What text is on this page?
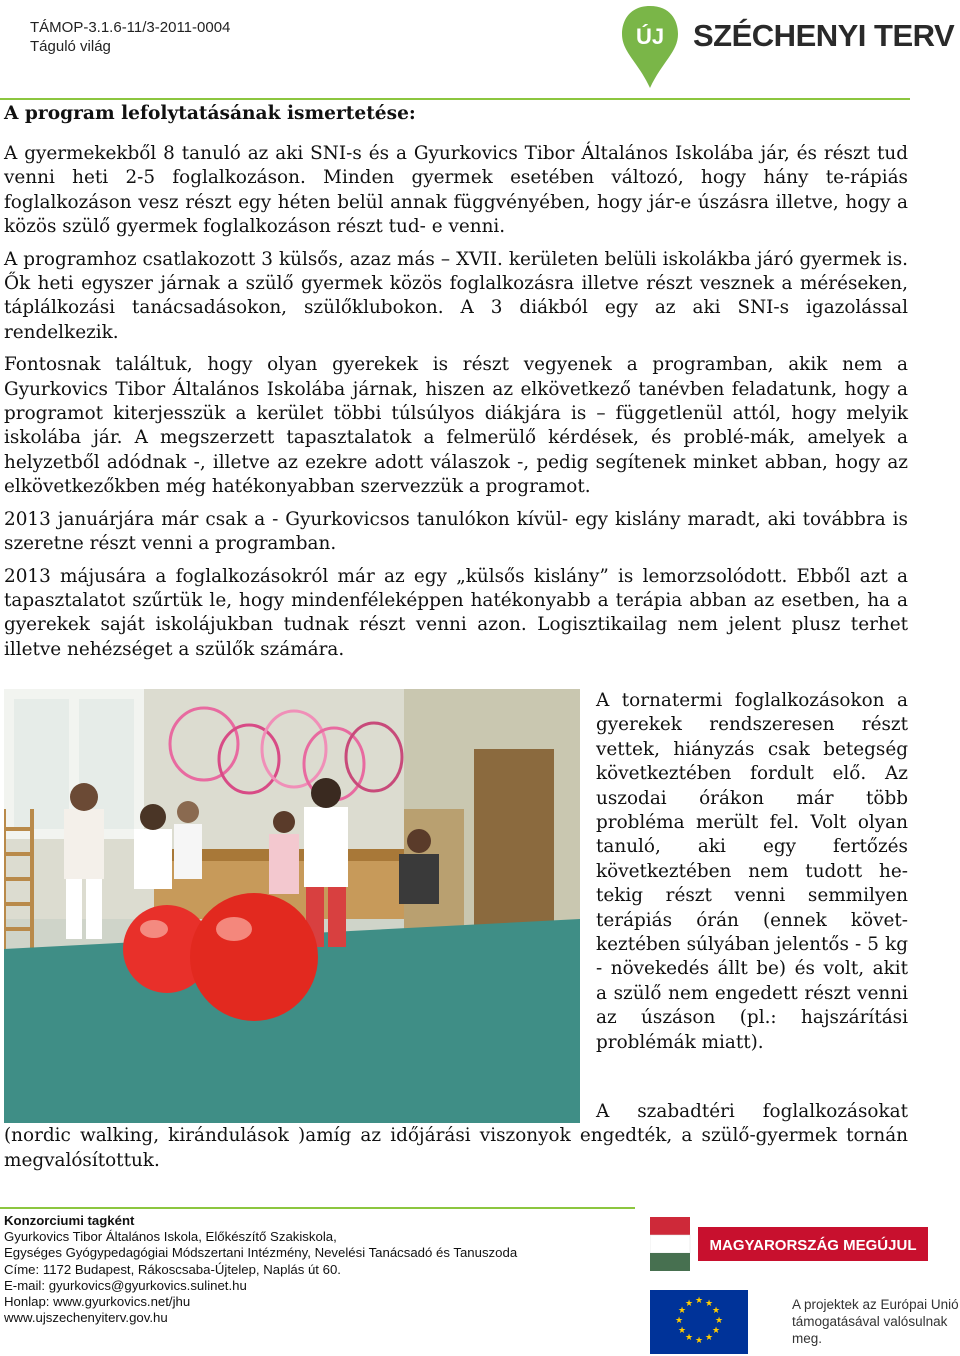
TÁMOP-3.1.6-11/3-2011-0004
Táguló világ	ÚJ SZÉCHENYI TERV
A program lefolytatásának ismertetése:

A gyermekekből 8 tanuló az aki SNI-s és a Gyurkovics Tibor Általános Iskolába jár, és részt tud venni heti 2-5 foglalkozáson. Minden gyermek esetében változó, hogy hány te-rápiás foglalkozáson vesz részt egy héten belül annak függvényében, hogy jár-e úszásra illetve, hogy a közös szülő gyermek foglalkozáson részt tud- e venni.

A programhoz csatlakozott 3 külsős, azaz más – XVII. kerületen belüli iskolákba járó gyermek is. Ők heti egyszer járnak a szülő gyermek közös foglalkozásra illetve részt vesznek a méréseken, táplálkozási tanácsadásokon, szülőklubokon. A 3 diákból egy az aki SNI-s igazolással rendelkezik.

Fontosnak találtuk, hogy olyan gyerekek is részt vegyenek a programban, akik nem a Gyurkovics Tibor Általános Iskolába járnak, hiszen az elkövetkező tanévben feladatunk, hogy a programot kiterjesszük a kerület többi túlsúlyos diákjára is – függetlenül attól, hogy melyik iskolába jár. A megszerzett tapasztalatok a felmerülő kérdések, és problé-mák, amelyek a helyzetből adódnak -, illetve az ezekre adott válaszok -, pedig segítenek minket abban, hogy az elkövetkezőkben még hatékonyabban szervezzük a programot.

2013 januárjára már csak a - Gyurkovicsos tanulókon kívül- egy kislány maradt, aki továbbra is szeretne részt venni a programban.

2013 májusára a foglalkozásokról már az egy „külsős kislány” is lemorzsolódott. Ebből azt a tapasztalatot szűrtük le, hogy mindenféleképpen hatékonyabb a terápia abban az esetben, ha a gyerekek saját iskolájukban tudnak részt venni azon. Logisztikailag nem jelent plusz terhet illetve nehézséget a szülők számára.

A tornatermi foglalkozásokon a gyerekek rendszeresen részt vettek, hiányzás csak betegség következtében fordult elő. Az uszodai órákon már több probléma merült fel. Volt olyan tanuló, aki egy fertőzés következtében nem tudott he-tekig részt venni semmilyen terápiás órán (ennek követ-keztében súlyában jelentős - 5 kg - növekedés állt be) és volt, akit a szülő nem engedett részt venni az úszáson (pl.: hajszárítási problémák miatt).
A szabadtéri foglalkozásokat (nordic walking, kirándulások )amíg az időjárási viszonyok engedték, a szülő-gyermek tornán megvalósítottuk.
Konzorciumi tagként
Gyurkovics Tibor Általános Iskola, Előkészítő Szakiskola,
Egységes Gyógypedagógiai Módszertani Intézmény, Nevelési Tanácsadó és Tanuszoda
Címe: 1172 Budapest, Rákoscsaba-Újtelep, Naplás út 60.
E-mail: gyurkovics@gyurkovics.sulinet.hu
Honlap: www.gyurkovics.net/jhu
www.ujszechenyiterv.gov.hu
MAGYARORSZÁG MEGÚJUL
★ ★
★
★
★
★
★
★
★
★
★
★	A projektek az Európai Unió
támogatásával valósulnak meg.
